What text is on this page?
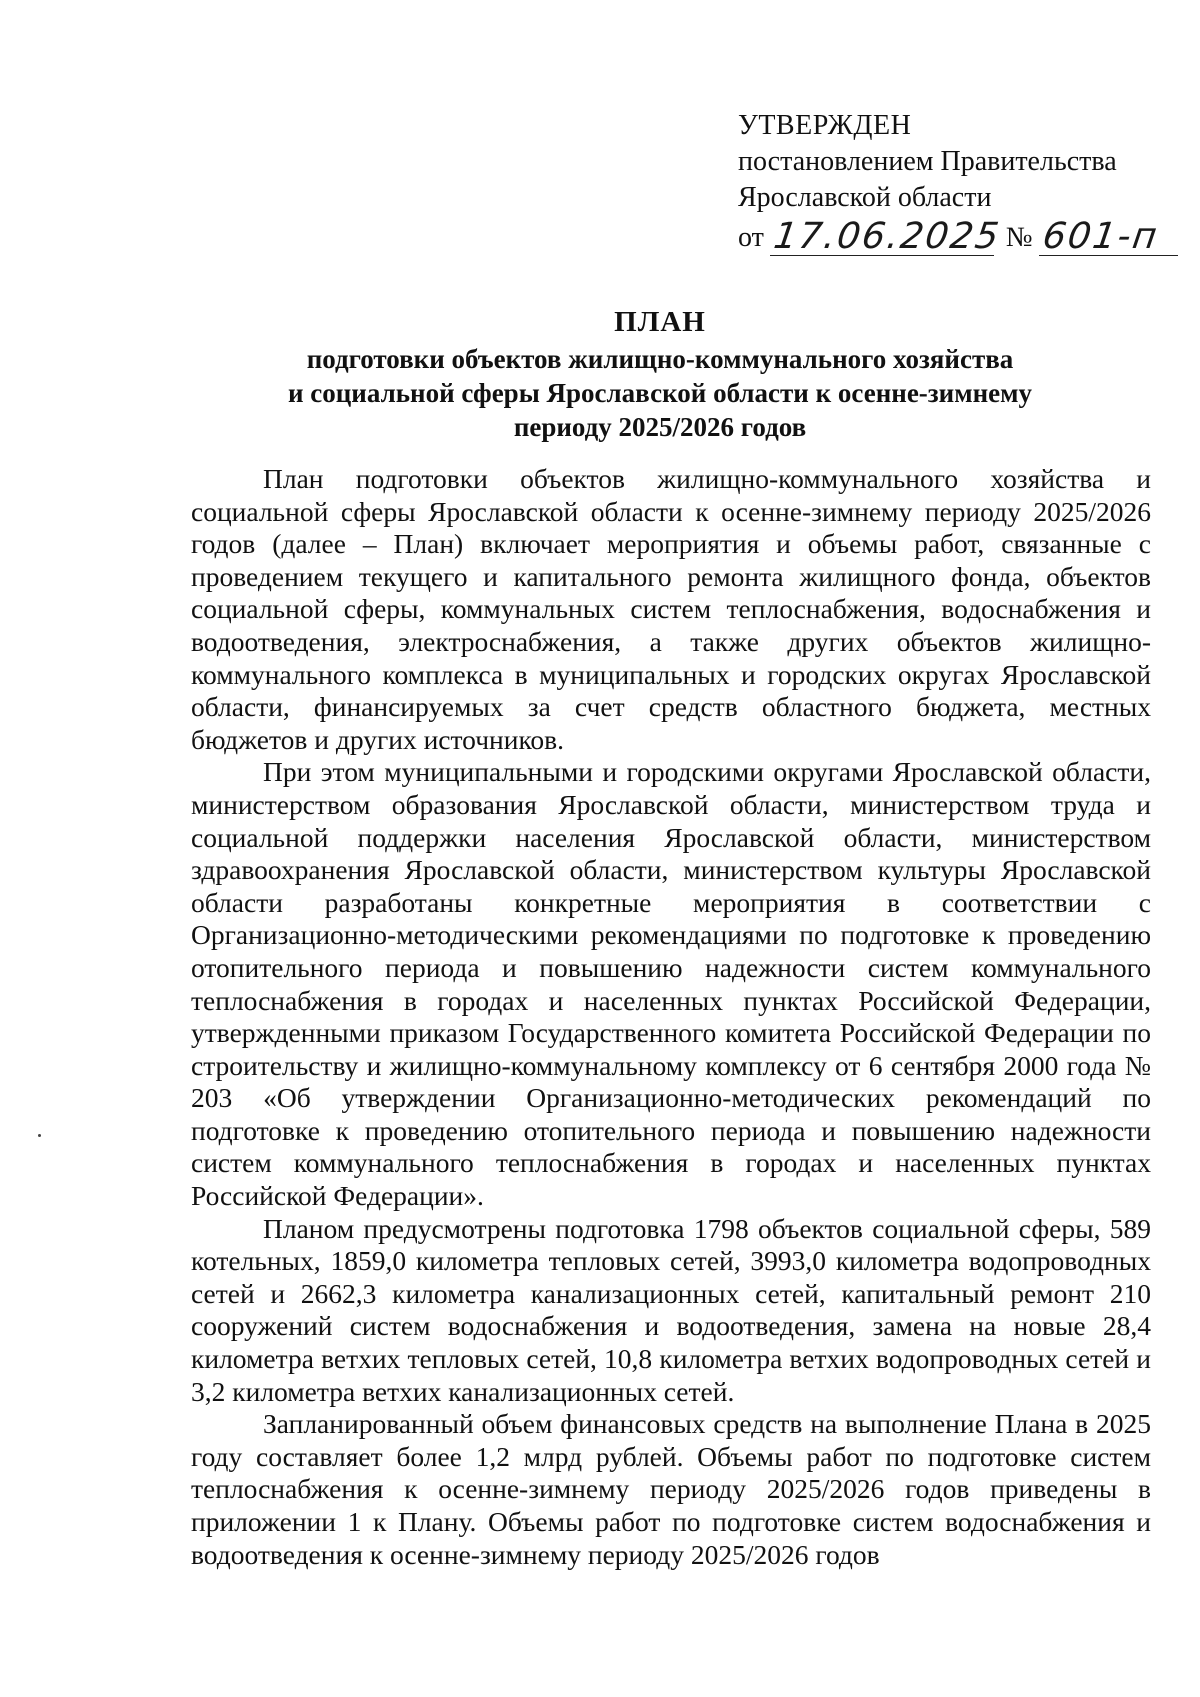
УТВЕРЖДЕН
постановлением Правительства
Ярославской области
от 17.06.2025 № 601-п
ПЛАН
подготовки объектов жилищно-коммунального хозяйства
и социальной сферы Ярославской области к осенне-зимнему
периоду 2025/2026 годов

План подготовки объектов жилищно-коммунального хозяйства и социальной сферы Ярославской области к осенне-зимнему периоду 2025/2026 годов (далее – План) включает мероприятия и объемы работ, связанные с проведением текущего и капитального ремонта жилищного фонда, объектов социальной сферы, коммунальных систем теплоснабжения, водоснабжения и водоотведения, электроснабжения, а также других объектов жилищно-коммунального комплекса в муниципальных и городских округах Ярославской области, финансируемых за счет средств областного бюджета, местных бюджетов и других источников.

При этом муниципальными и городскими округами Ярославской области, министерством образования Ярославской области, министерством труда и социальной поддержки населения Ярославской области, министерством здравоохранения Ярославской области, министерством культуры Ярославской области разработаны конкретные мероприятия в соответствии с Организационно-методическими рекомендациями по подготовке к проведению отопительного периода и повышению надежности систем коммунального теплоснабжения в городах и населенных пунктах Российской Федерации, утвержденными приказом Государственного комитета Российской Федерации по строительству и жилищно-коммунальному комплексу от 6 сентября 2000 года № 203 «Об утверждении Организационно-методических рекомендаций по подготовке к проведению отопительного периода и повышению надежности систем коммунального теплоснабжения в городах и населенных пунктах Российской Федерации».

Планом предусмотрены подготовка 1798 объектов социальной сферы, 589 котельных, 1859,0 километра тепловых сетей, 3993,0 километра водопроводных сетей и 2662,3 километра канализационных сетей, капитальный ремонт 210 сооружений систем водоснабжения и водоотведения, замена на новые 28,4 километра ветхих тепловых сетей, 10,8 километра ветхих водопроводных сетей и 3,2 километра ветхих канализационных сетей.

Запланированный объем финансовых средств на выполнение Плана в 2025 году составляет более 1,2 млрд рублей. Объемы работ по подготовке систем теплоснабжения к осенне-зимнему периоду 2025/2026 годов приведены в приложении 1 к Плану. Объемы работ по подготовке систем водоснабжения и водоотведения к осенне-зимнему периоду 2025/2026 годов
